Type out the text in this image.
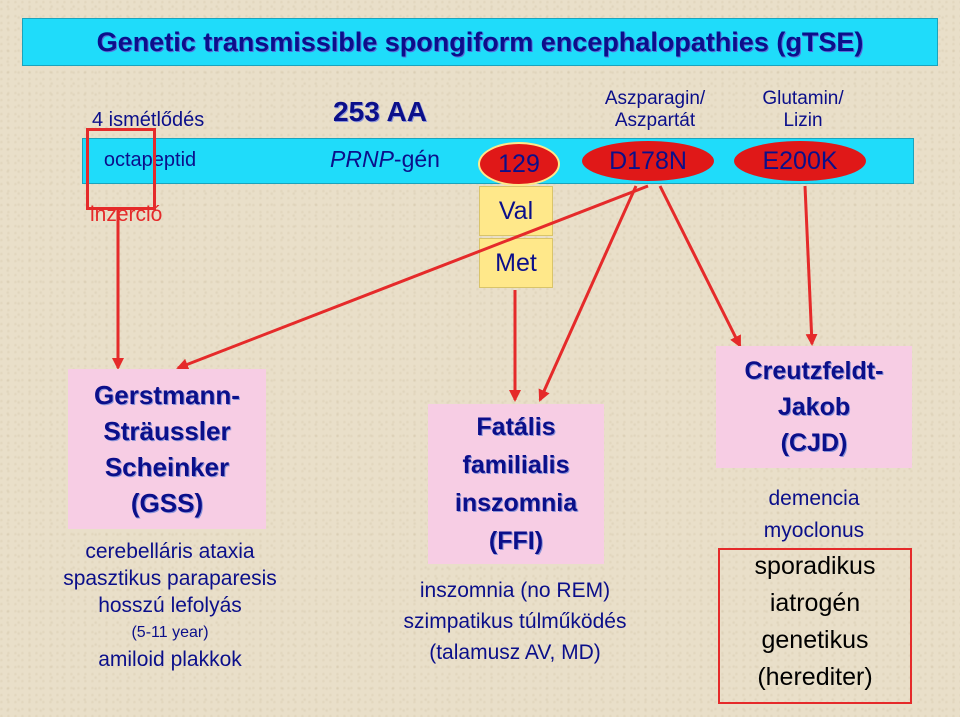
Genetic transmissible spongiform encephalopathies (gTSE)
4 ismétlődés	253 AA	Aszparagin/
Aszpartát
Glutamin/
Lizin
octapeptid	PRNP-gén	129	D178N	E200K
inzerció	Val
Met
Gerstmann-
Sträussler
Scheinker
(GSS)
cerebelláris ataxia
spasztikus paraparesis
hosszú lefolyás
(5-11 year)
amiloid plakkok
Fatális
familialis
inszomnia
(FFI)
inszomnia (no REM)
szimpatikus túlműködés
(talamusz AV, MD)
Creutzfeldt-
Jakob
(CJD)
demencia
myoclonus
sporadikus
iatrogén
genetikus
(herediter)
